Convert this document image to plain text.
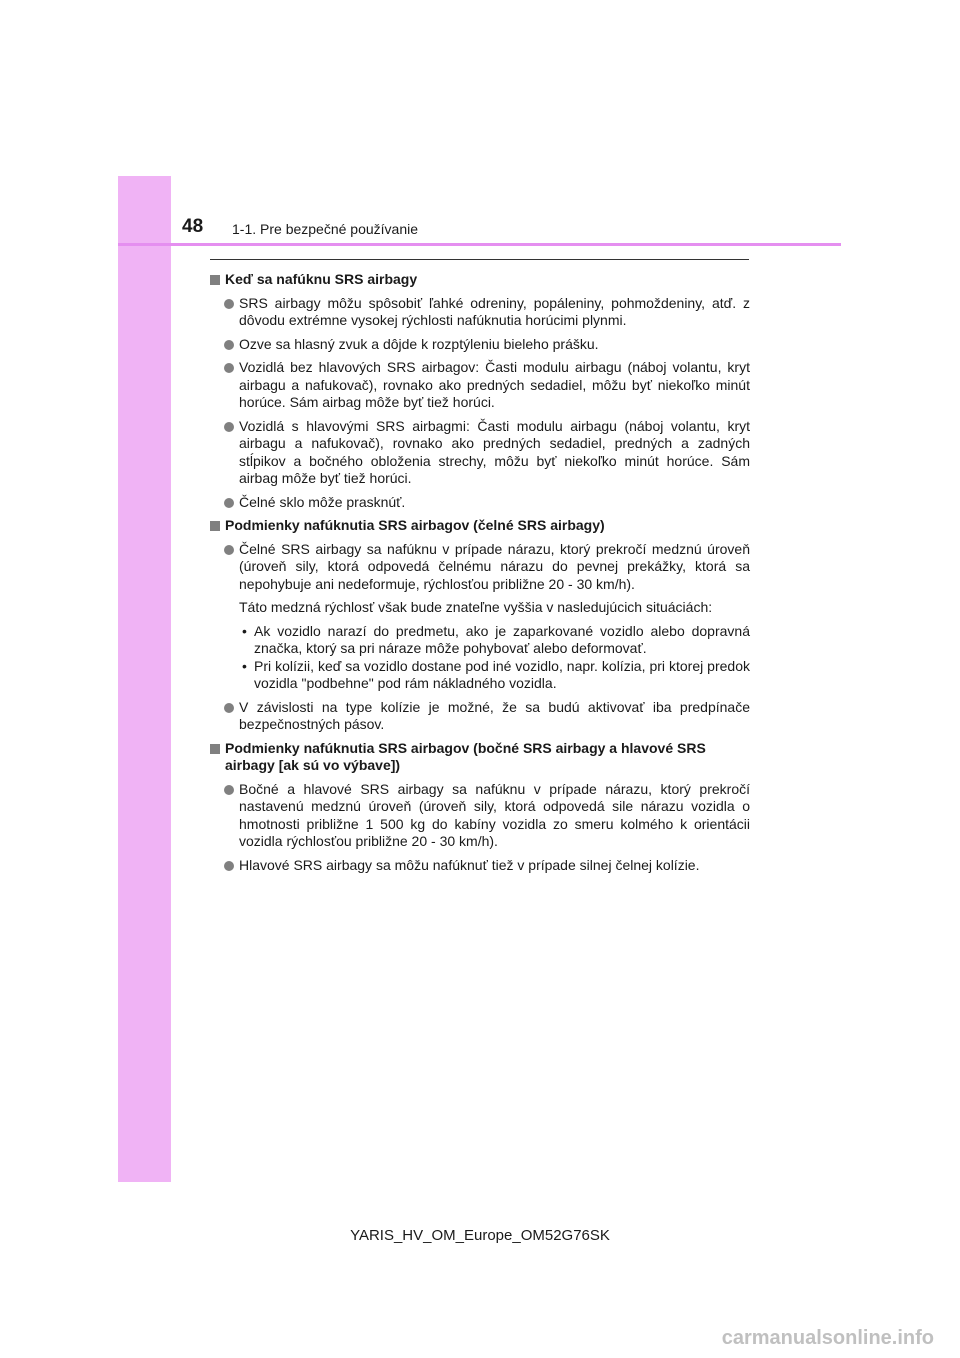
48 1-1. Pre bezpečné používanie
Keď sa nafúknu SRS airbagy
SRS airbagy môžu spôsobiť ľahké odreniny, popáleniny, pohmoždeniny, atď. z dôvodu extrémne vysokej rýchlosti nafúknutia horúcimi plynmi.
Ozve sa hlasný zvuk a dôjde k rozptýleniu bieleho prášku.
Vozidlá bez hlavových SRS airbagov: Časti modulu airbagu (náboj volantu, kryt airbagu a nafukovač), rovnako ako predných sedadiel, môžu byť niekoľko minút horúce. Sám airbag môže byť tiež horúci.
Vozidlá s hlavovými SRS airbagmi: Časti modulu airbagu (náboj volantu, kryt airbagu a nafukovač), rovnako ako predných sedadiel, predných a zadných stĺpikov a bočného obloženia strechy, môžu byť niekoľko minút horúce. Sám airbag môže byť tiež horúci.
Čelné sklo môže prasknúť.
Podmienky nafúknutia SRS airbagov (čelné SRS airbagy)
Čelné SRS airbagy sa nafúknu v prípade nárazu, ktorý prekročí medznú úroveň (úroveň sily, ktorá odpovedá čelnému nárazu do pevnej prekážky, ktorá sa nepohybuje ani nedeformuje, rýchlosťou približne 20 - 30 km/h).
Táto medzná rýchlosť však bude znateľne vyššia v nasledujúcich situáciách:
• Ak vozidlo narazí do predmetu, ako je zaparkované vozidlo alebo dopravná značka, ktorý sa pri náraze môže pohybovať alebo deformovať.
• Pri kolízii, keď sa vozidlo dostane pod iné vozidlo, napr. kolízia, pri ktorej predok vozidla "podbehne" pod rám nákladného vozidla.
V závislosti na type kolízie je možné, že sa budú aktivovať iba predpínače bezpečnostných pásov.
Podmienky nafúknutia SRS airbagov (bočné SRS airbagy a hlavové SRS airbagy [ak sú vo výbave])
Bočné a hlavové SRS airbagy sa nafúknu v prípade nárazu, ktorý prekročí nastavenú medznú úroveň (úroveň sily, ktorá odpovedá sile nárazu vozidla o hmotnosti približne 1 500 kg do kabíny vozidla zo smeru kolmého k orientácii vozidla rýchlosťou približne 20 - 30 km/h).
Hlavové SRS airbagy sa môžu nafúknuť tiež v prípade silnej čelnej kolízie.
YARIS_HV_OM_Europe_OM52G76SK
carmanualsonline.info
